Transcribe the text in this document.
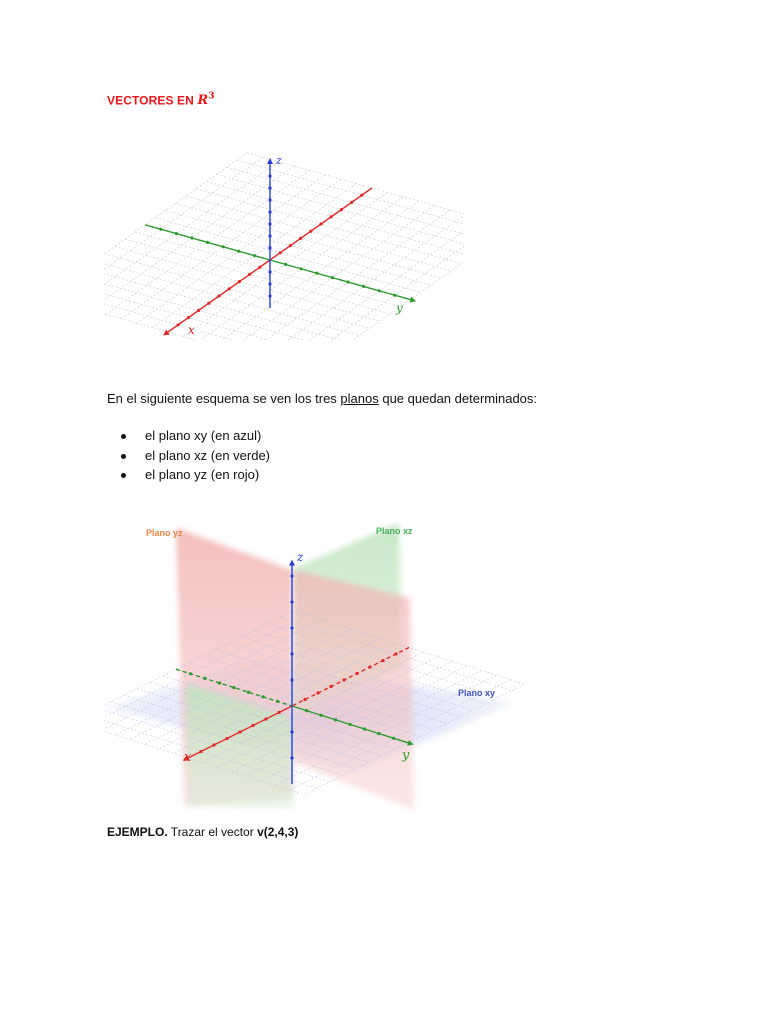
VECTORES EN $R^3$
z
y
x
En el siguiente esquema se ven los tres planos que quedan determinados:
el plano xy (en azul)
el plano xz (en verde)
el plano yz (en rojo)
Plano yz	Plano xz
Plano xy
z
y
x
EJEMPLO. Trazar el vector v(2,4,3)
